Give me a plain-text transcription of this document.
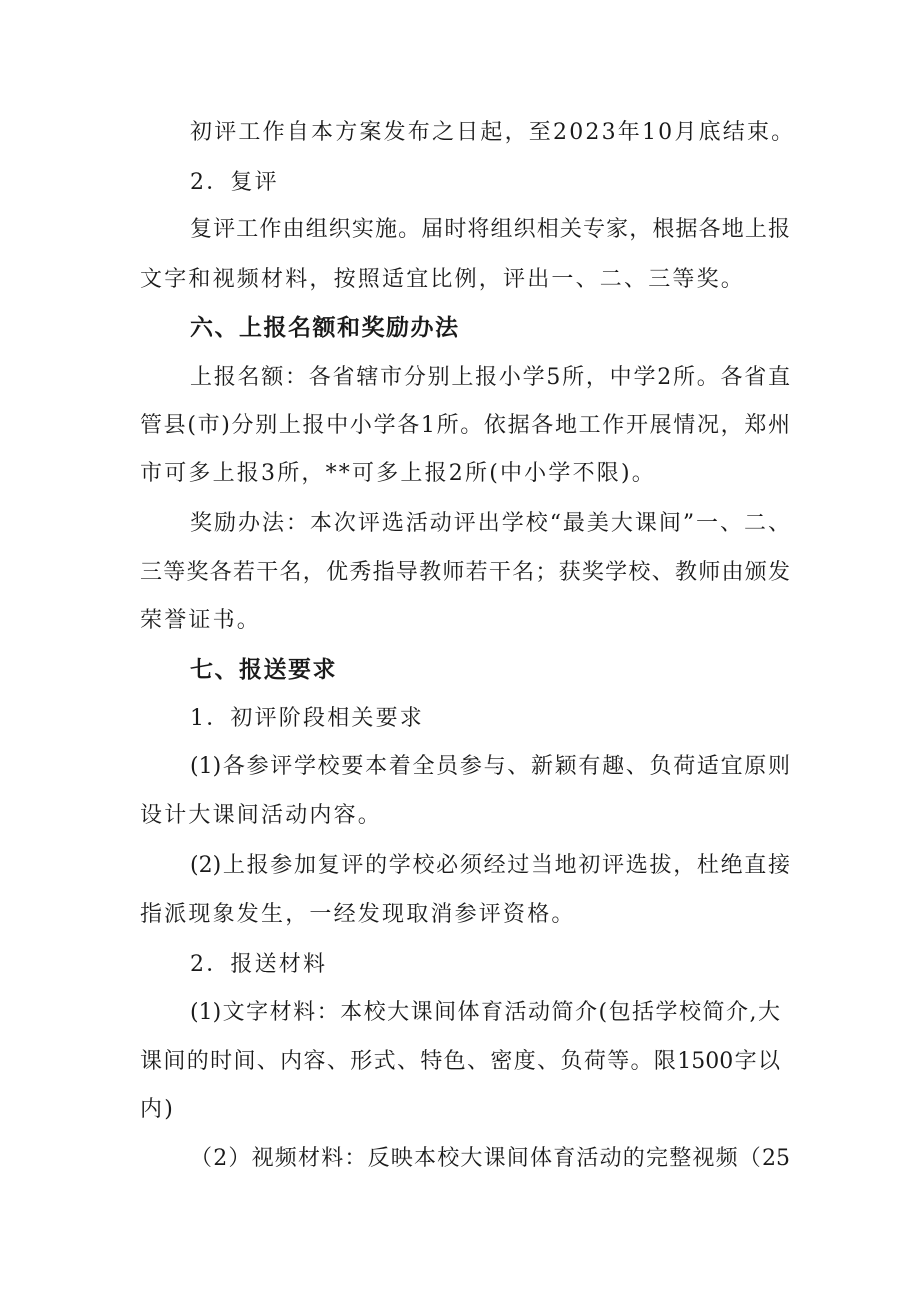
初评工作自本方案发布之日起，至2023年10月底结束。

2．复评

复评工作由组织实施。届时将组织相关专家，根据各地上报

文字和视频材料，按照适宜比例，评出一、二、三等奖。

六、上报名额和奖励办法

上报名额：各省辖市分别上报小学5所，中学2所。各省直

管县(市)分别上报中小学各1所。依据各地工作开展情况，郑州

市可多上报3所，**可多上报2所(中小学不限)。

奖励办法：本次评选活动评出学校“最美大课间”一、二、

三等奖各若干名，优秀指导教师若干名；获奖学校、教师由颁发

荣誉证书。

七、报送要求

1．初评阶段相关要求

(1)各参评学校要本着全员参与、新颖有趣、负荷适宜原则

设计大课间活动内容。

(2)上报参加复评的学校必须经过当地初评选拔，杜绝直接

指派现象发生，一经发现取消参评资格。

2．报送材料

(1)文字材料：本校大课间体育活动简介(包括学校简介,大

课间的时间、内容、形式、特色、密度、负荷等。限1500字以

内)

（2）视频材料：反映本校大课间体育活动的完整视频（25
